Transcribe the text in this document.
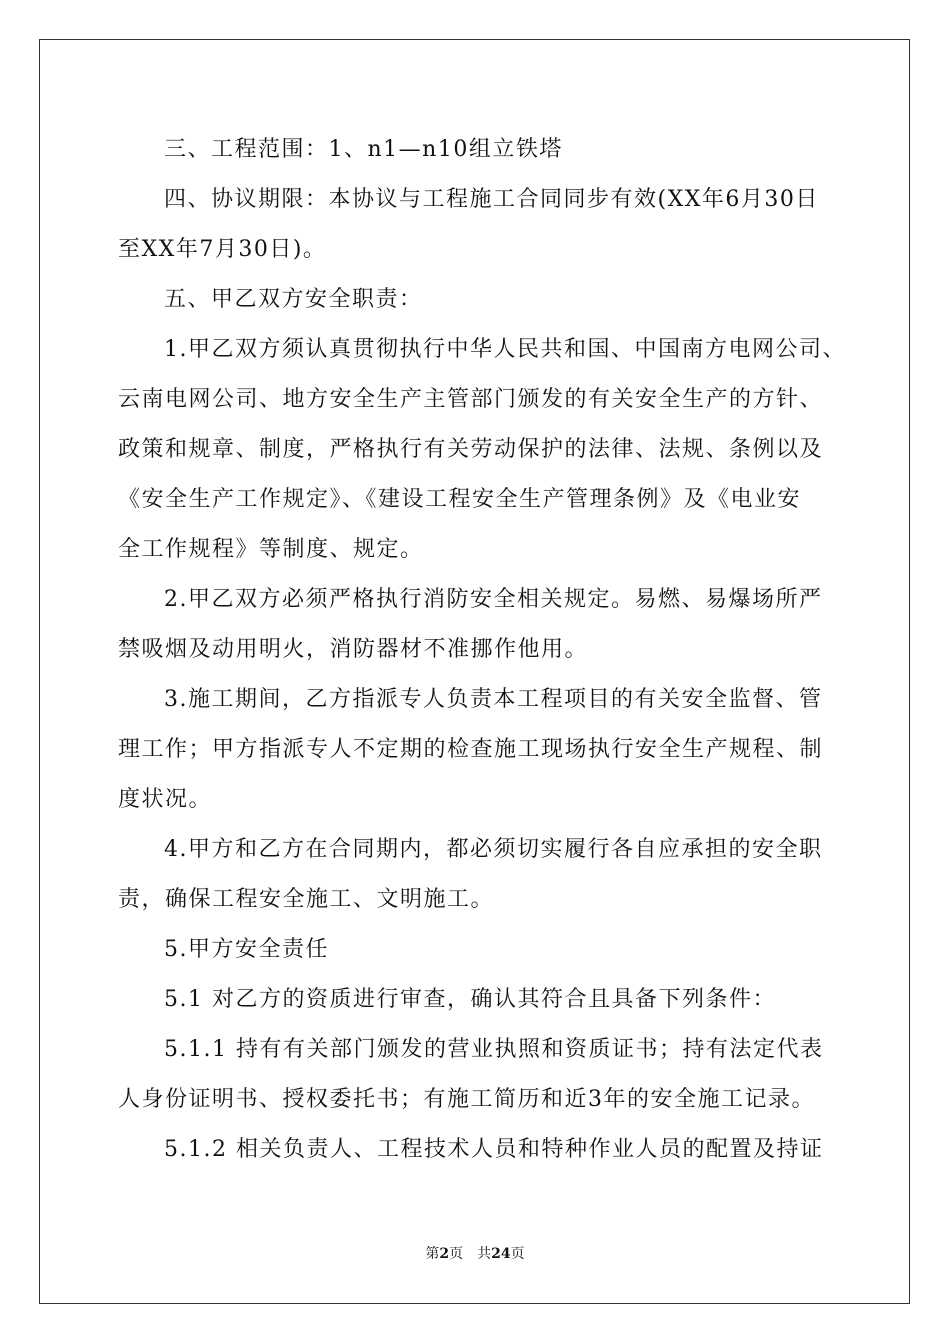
三、工程范围：1、n1—n10组立铁塔
四、协议期限：本协议与工程施工合同同步有效(XX年6月30日
至XX年7月30日)。
五、甲乙双方安全职责：
1.甲乙双方须认真贯彻执行中华人民共和国、中国南方电网公司、
云南电网公司、地方安全生产主管部门颁发的有关安全生产的方针、
政策和规章、制度，严格执行有关劳动保护的法律、法规、条例以及
《安全生产工作规定》、《建设工程安全生产管理条例》及《电业安
全工作规程》等制度、规定。
2.甲乙双方必须严格执行消防安全相关规定。易燃、易爆场所严
禁吸烟及动用明火，消防器材不准挪作他用。
3.施工期间，乙方指派专人负责本工程项目的有关安全监督、管
理工作；甲方指派专人不定期的检查施工现场执行安全生产规程、制
度状况。
4.甲方和乙方在合同期内，都必须切实履行各自应承担的安全职
责，确保工程安全施工、文明施工。
5.甲方安全责任
5.1 对乙方的资质进行审查，确认其符合且具备下列条件：
5.1.1 持有有关部门颁发的营业执照和资质证书；持有法定代表
人身份证明书、授权委托书；有施工简历和近3年的安全施工记录。
5.1.2 相关负责人、工程技术人员和特种作业人员的配置及持证
第2页　共24页
